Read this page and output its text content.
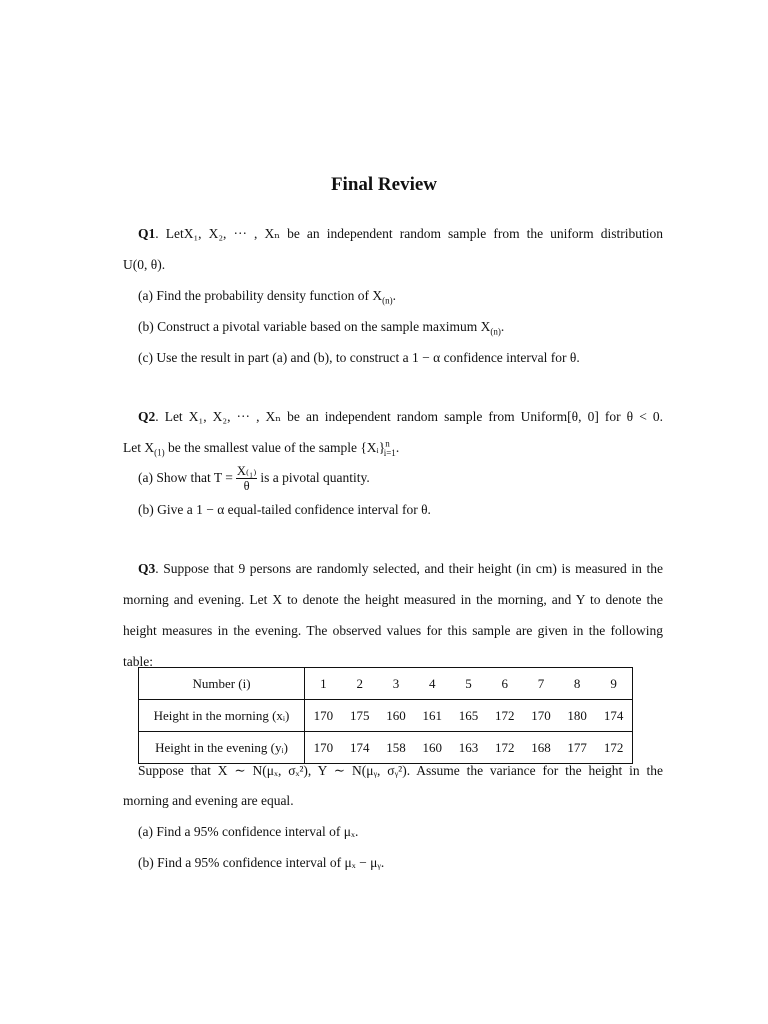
Final Review
Q1. LetX₁, X₂, ··· , Xₙ be an independent random sample from the uniform distribution
U(0, θ).
(a) Find the probability density function of $X_{(n)}$.
(b) Construct a pivotal variable based on the sample maximum $X_{(n)}$.
(c) Use the result in part (a) and (b), to construct a 1 − α confidence interval for θ.
Q2. Let X₁, X₂, ··· , Xₙ be an independent random sample from Uniform[θ, 0] for θ < 0.
Let $X_{(1)}$ be the smallest value of the sample {Xᵢ}$^n_{i=1}$.
(a) Show that $T = \frac{\text{X₍₁₎}}{\theta}$ is a pivotal quantity.
(b) Give a 1 − α equal-tailed confidence interval for θ.
Q3. Suppose that 9 persons are randomly selected, and their height (in cm) is measured in the
morning and evening. Let X to denote the height measured in the morning, and Y to denote the
height measures in the evening. The observed values for this sample are given in the following
table:
Number (i)	1	2	3	4	5	6	7	8	9
Height in the morning (xᵢ)	170	175	160	161	165	172	170	180	174
Height in the evening (yᵢ)	170	174	158	160	163	172	168	177	172
Suppose that X ∼ N(μₓ, σₓ²), Y ∼ N(μᵧ, σᵧ²). Assume the variance for the height in the
morning and evening are equal.
(a) Find a 95% confidence interval of μₓ.
(b) Find a 95% confidence interval of μₓ − μᵧ.
